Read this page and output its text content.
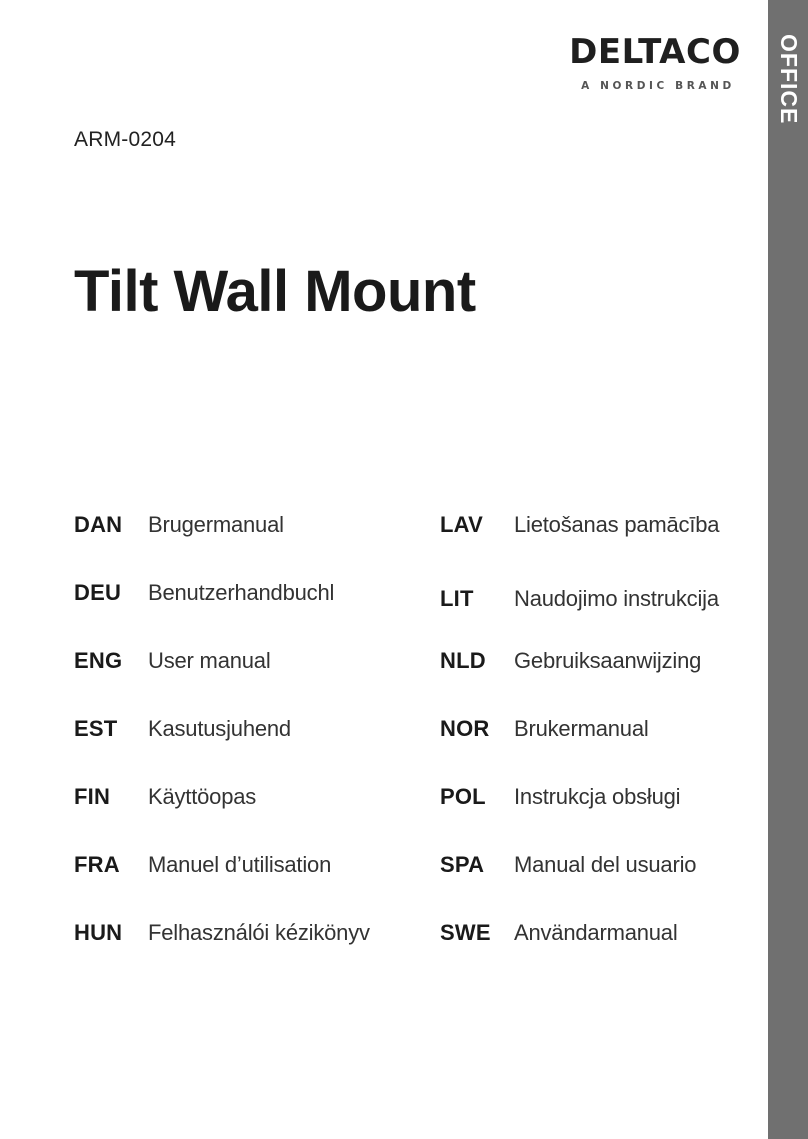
OFFICE
DELTACO
A NORDIC BRAND
ARM-0204
Tilt Wall Mount
DAN	Brugermanual
DEU	Benutzerhandbuchl
ENG	User manual
EST	Kasutusjuhend
FIN	Käyttöopas
FRA	Manuel d’utilisation
HUN	Felhasználói kézikönyv
LAV	Lietošanas pamācība
LIT	Naudojimo instrukcija
NLD	Gebruiksaanwijzing
NOR	Brukermanual
POL	Instrukcja obsługi
SPA	Manual del usuario
SWE	Användarmanual
